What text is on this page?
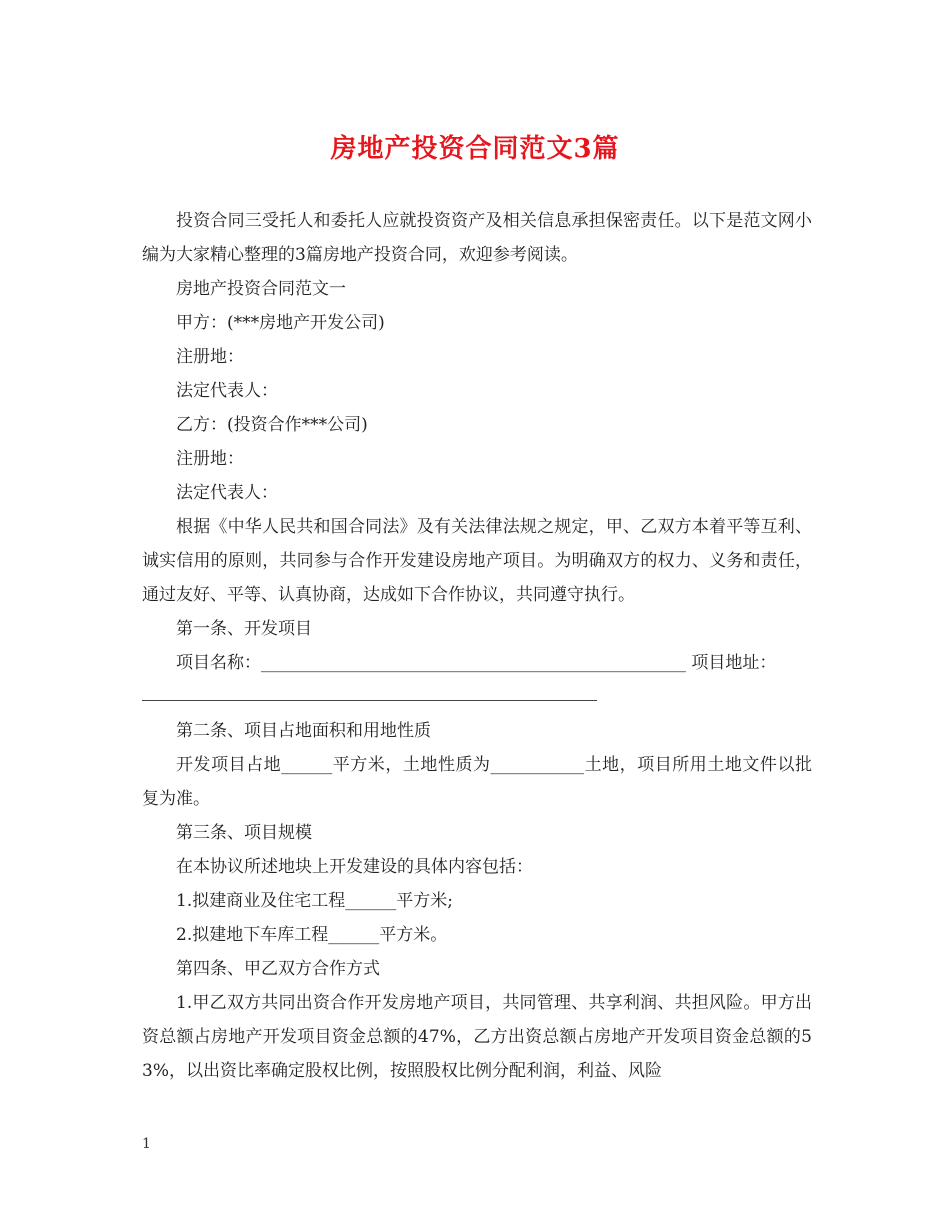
房地产投资合同范文3篇

投资合同三受托人和委托人应就投资资产及相关信息承担保密责任。以下是范文网小编为大家精心整理的3篇房地产投资合同，欢迎参考阅读。

房地产投资合同范文一

甲方：(***房地产开发公司)

注册地：

法定代表人：

乙方：(投资合作***公司)

注册地：

法定代表人：

根据《中华人民共和国合同法》及有关法律法规之规定，甲、乙双方本着平等互利、诚实信用的原则，共同参与合作开发建设房地产项目。为明确双方的权力、义务和责任，通过友好、平等、认真协商，达成如下合作协议，共同遵守执行。

第一条、开发项目

项目名称：__________________________________________________ 项目地址：

第二条、项目占地面积和用地性质

开发项目占地______平方米，土地性质为___________土地，项目所用土地文件以批复为准。

第三条、项目规模

在本协议所述地块上开发建设的具体内容包括：

1.拟建商业及住宅工程______平方米;

2.拟建地下车库工程______平方米。

第四条、甲乙双方合作方式

1.甲乙双方共同出资合作开发房地产项目，共同管理、共享利润、共担风险。甲方出资总额占房地产开发项目资金总额的47%，乙方出资总额占房地产开发项目资金总额的53%，以出资比率确定股权比例，按照股权比例分配利润，利益、风险

1
